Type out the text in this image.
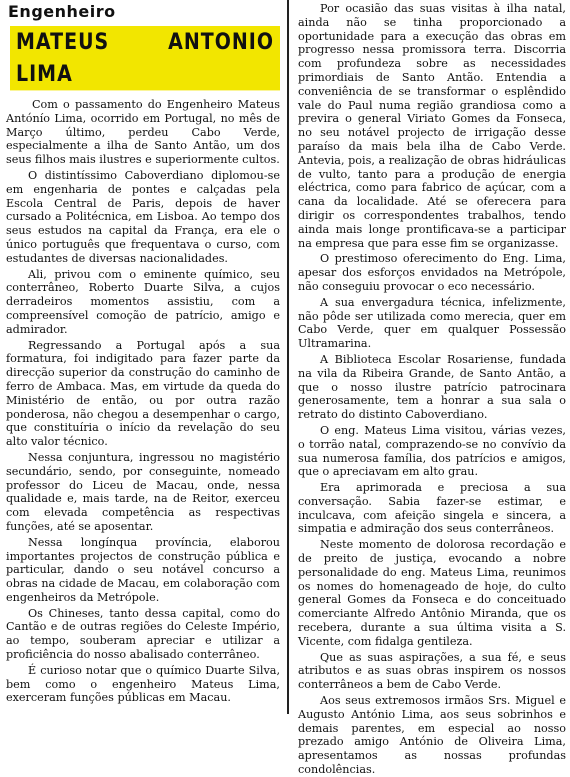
Engenheiro
MATEUS ANTONIO LIMA

Com o passamento do Engenheiro Mateus Antónío Lima, ocorrido em Portugal, no mês de Março último, perdeu Cabo Verde, especialmente a ilha de Santo Antão, um dos seus filhos mais ilustres e superiormente cultos.

O distintíssimo Caboverdiano diplomou-se em engenharia de pontes e calçadas pela Escola Central de Paris, depois de haver cursado a Politécnica, em Lisboa. Ao tempo dos seus estudos na capital da França, era ele o único português que frequentava o curso, com estudantes de diversas nacionalidades.

Ali, privou com o eminente químico, seu conterrâneo, Roberto Duarte Silva, a cujos derradeiros momentos assistiu, com a compreensível comoção de patrício, amigo e admirador.

Regressando a Portugal após a sua formatura, foi indigitado para fazer parte da direcção superior da construção do caminho de ferro de Ambaca. Mas, em virtude da queda do Ministério de então, ou por outra razão ponderosa, não chegou a desempenhar o cargo, que constituíria o início da revelação do seu alto valor técnico.

Nessa conjuntura, ingressou no magistério secundário, sendo, por conseguinte, nomeado professor do Liceu de Macau, onde, nessa qualidade e, mais tarde, na de Reitor, exerceu com elevada competência as respectivas funções, até se aposentar.

Nessa longínqua província, elaborou importantes projectos de construção pública e particular, dando o seu notável concurso a obras na cidade de Macau, em colaboração com engenheiros da Metrópole.

Os Chineses, tanto dessa capital, como do Cantão e de outras regiões do Celeste Império, ao tempo, souberam apreciar e utilizar a proficiência do nosso abalisado conterrâneo.

É curioso notar que o químico Duarte Silva, bem como o engenheiro Mateus Lima, exerceram funções públicas em Macau.

Por ocasião das suas visitas à ilha natal, ainda não se tinha proporcionado a oportunidade para a execução das obras em progresso nessa promissora terra. Discorria com profundeza sobre as necessidades primordiais de Santo Antão. Entendia a conveniência de se transformar o esplêndido vale do Paul numa região grandiosa como a previra o general Viriato Gomes da Fonseca, no seu notável projecto de irrigação desse paraíso da mais bela ilha de Cabo Verde. Antevia, pois, a realização de obras hidráulicas de vulto, tanto para a produção de energia eléctrica, como para fabrico de açúcar, com a cana da localidade. Até se oferecera para dirigir os correspondentes trabalhos, tendo ainda mais longe prontificava-se a participar na empresa que para esse fim se organizasse.

O prestimoso oferecimento do Eng. Lima, apesar dos esforços envidados na Metrópole, não conseguiu provocar o eco necessário.

A sua envergadura técnica, infelizmente, não pôde ser utilizada como merecia, quer em Cabo Verde, quer em qualquer Possessão Ultramarina.

A Biblioteca Escolar Rosariense, fundada na vila da Ribeira Grande, de Santo Antão, a que o nosso ilustre patrício patrocinara generosamente, tem a honrar a sua sala o retrato do distinto Caboverdiano.

O eng. Mateus Lima visitou, várias vezes, o torrão natal, comprazendo-se no convívio da sua numerosa família, dos patrícios e amigos, que o apreciavam em alto grau.

Era aprimorada e preciosa a sua conversação. Sabia fazer-se estimar, e inculcava, com afeição singela e sincera, a simpatia e admiração dos seus conterrâneos.

Neste momento de dolorosa recordação e de preito de justiça, evocando a nobre personalidade do eng. Mateus Lima, reunimos os nomes do homenageado de hoje, do culto general Gomes da Fonseca e do conceituado comerciante Alfredo Antônio Miranda, que os recebera, durante a sua última visita a S. Vicente, com fidalga gentileza.

Que as suas aspirações, a sua fé, e seus atributos e as suas obras inspirem os nossos conterrâneos a bem de Cabo Verde.

Aos seus extremosos irmãos Srs. Miguel e Augusto António Lima, aos seus sobrinhos e demais parentes, em especial ao nosso prezado amigo António de Oliveira Lima, apresentamos as nossas profundas condolências.
